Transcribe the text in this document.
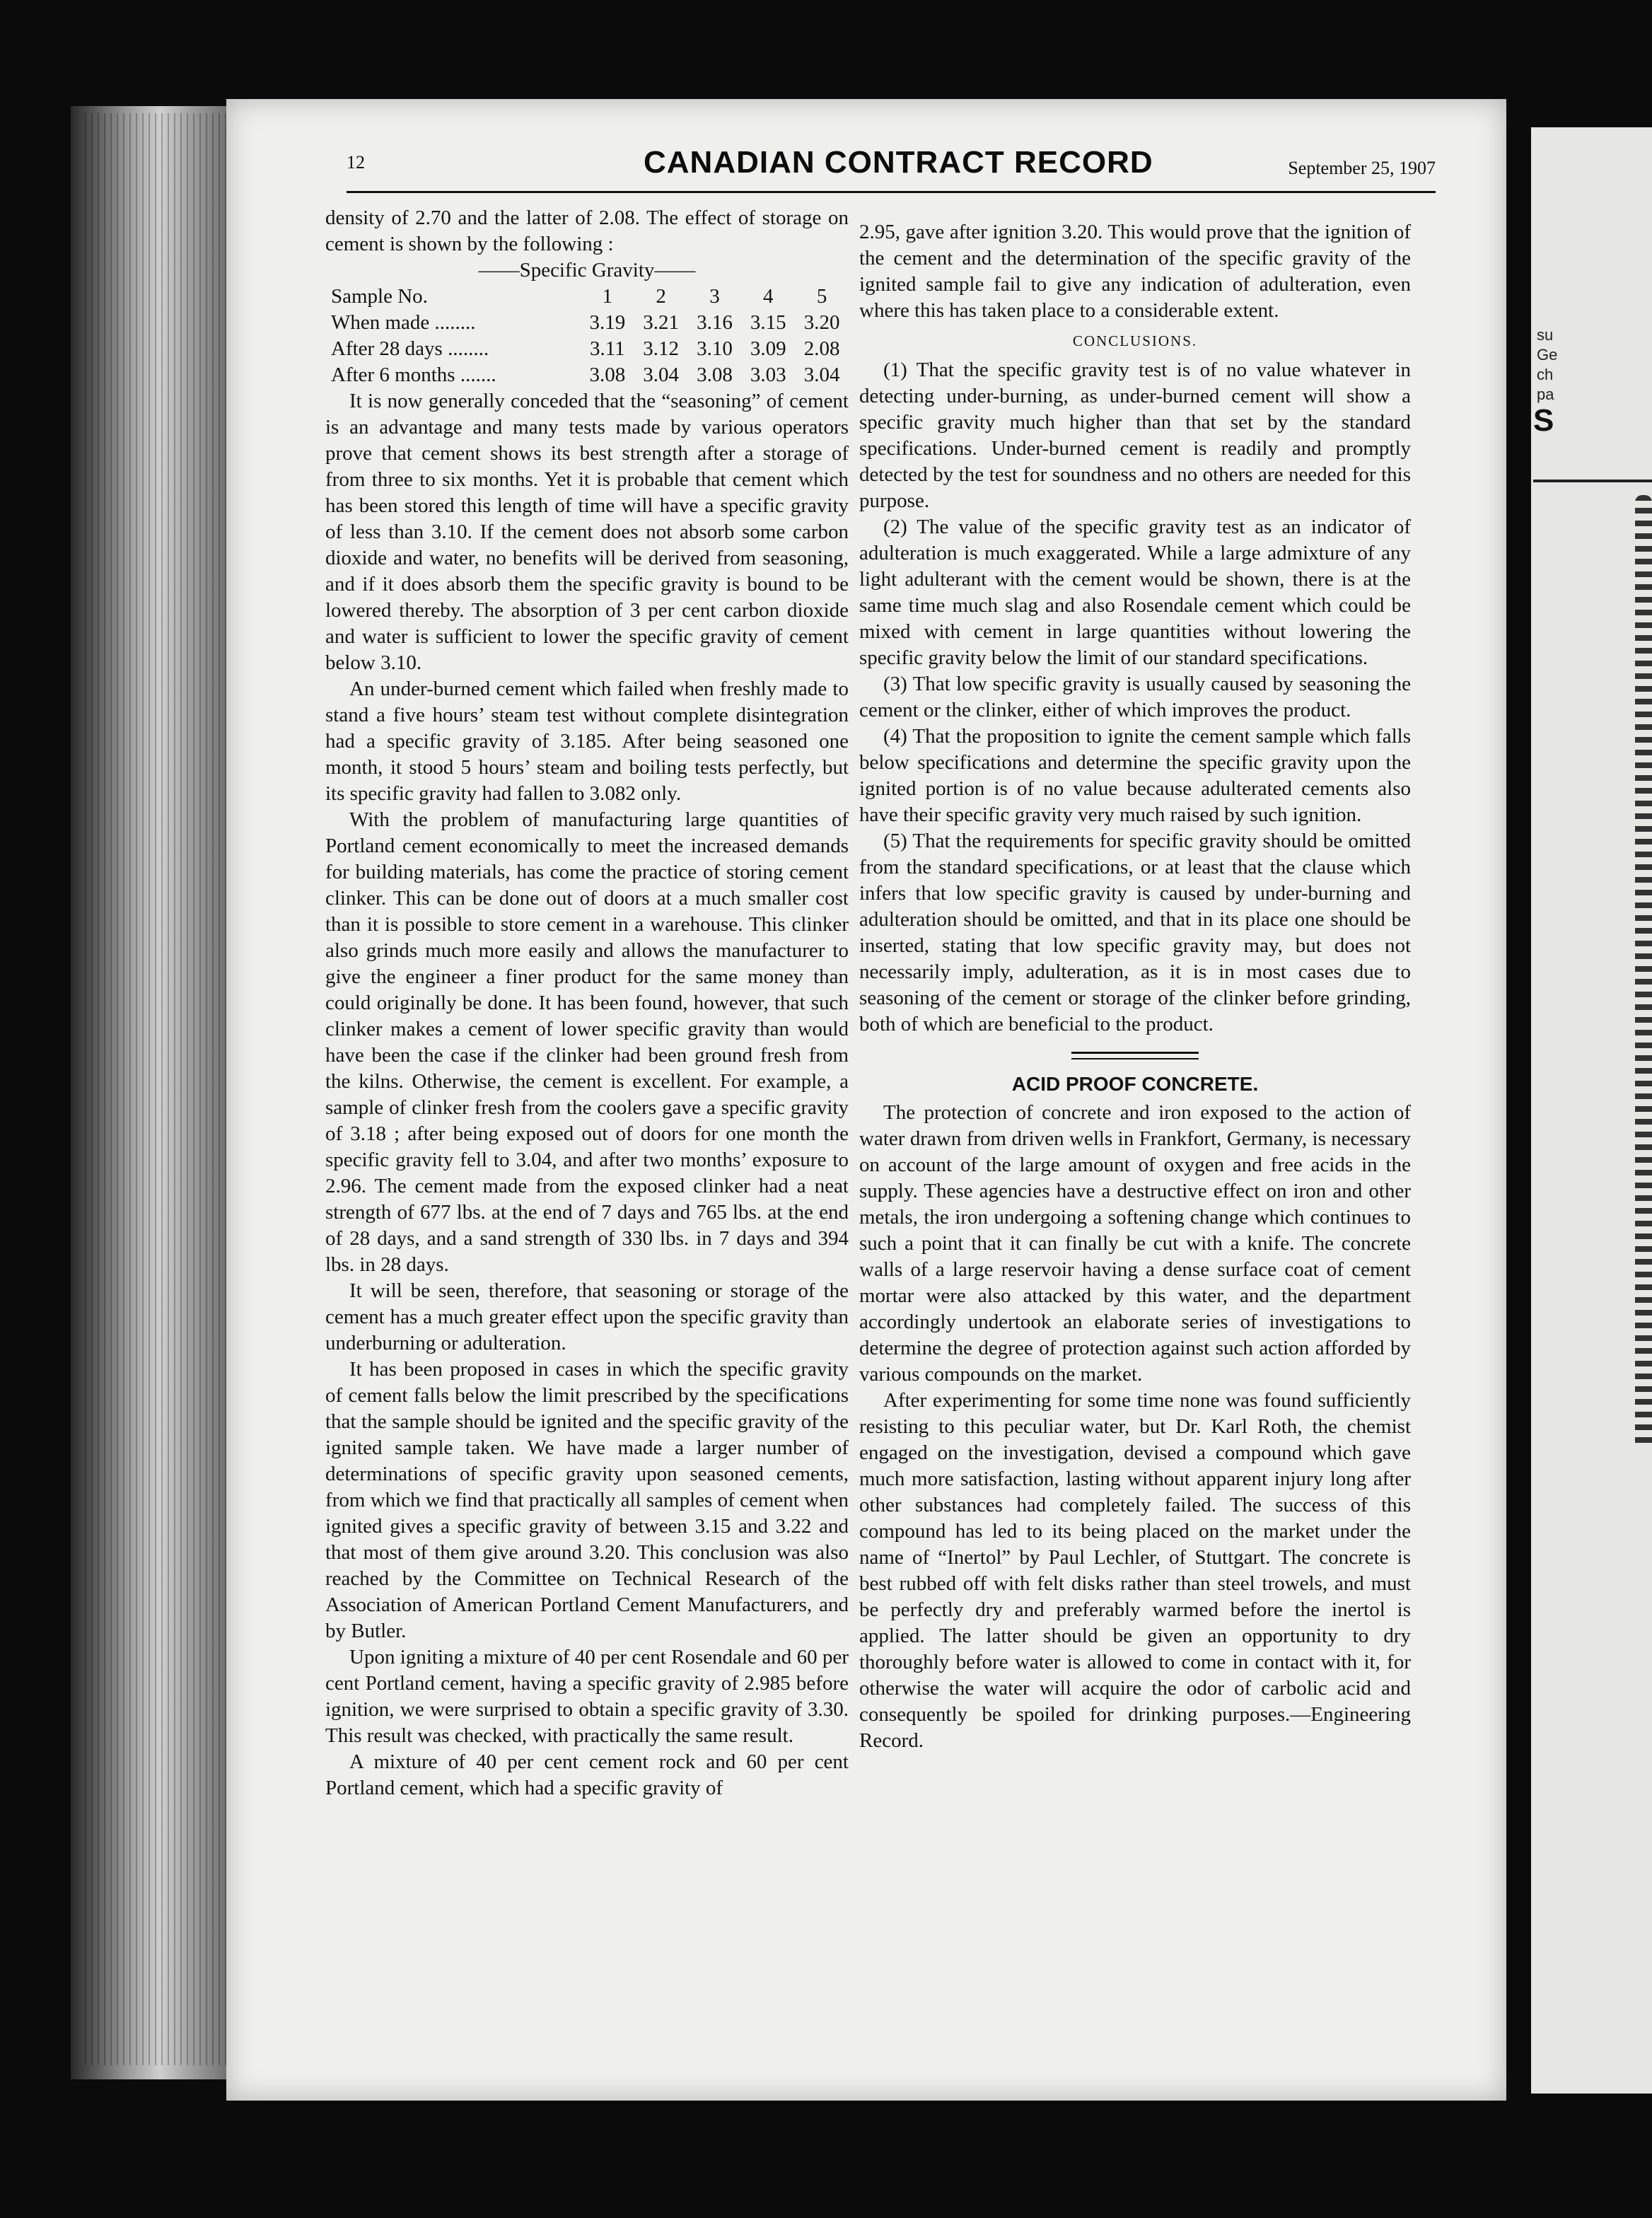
su
Ge
ch
pa
S
12	CANADIAN CONTRACT RECORD	September 25, 1907

density of 2.70 and the latter of 2.08. The effect of storage on cement is shown by the following :

——Specific Gravity——					
Sample No.	1	2	3	4	5
When made ........	3.19	3.21	3.16	3.15	3.20
After 28 days ........	3.11	3.12	3.10	3.09	2.08
After 6 months .......	3.08	3.04	3.08	3.03	3.04

It is now generally conceded that the “seasoning” of cement is an advantage and many tests made by various operators prove that cement shows its best strength after a storage of from three to six months. Yet it is probable that cement which has been stored this length of time will have a specific gravity of less than 3.10. If the cement does not absorb some carbon dioxide and water, no benefits will be derived from seasoning, and if it does absorb them the specific gravity is bound to be lowered thereby. The absorption of 3 per cent carbon dioxide and water is sufficient to lower the specific gravity of cement below 3.10.

An under-burned cement which failed when freshly made to stand a five hours’ steam test without complete disintegration had a specific gravity of 3.185. After being seasoned one month, it stood 5 hours’ steam and boiling tests perfectly, but its specific gravity had fallen to 3.082 only.

With the problem of manufacturing large quantities of Portland cement economically to meet the increased demands for building materials, has come the practice of storing cement clinker. This can be done out of doors at a much smaller cost than it is possible to store cement in a warehouse. This clinker also grinds much more easily and allows the manufacturer to give the engineer a finer product for the same money than could originally be done. It has been found, however, that such clinker makes a cement of lower specific gravity than would have been the case if the clinker had been ground fresh from the kilns. Otherwise, the cement is excellent. For example, a sample of clinker fresh from the coolers gave a specific gravity of 3.18 ; after being exposed out of doors for one month the specific gravity fell to 3.04, and after two months’ exposure to 2.96. The cement made from the exposed clinker had a neat strength of 677 lbs. at the end of 7 days and 765 lbs. at the end of 28 days, and a sand strength of 330 lbs. in 7 days and 394 lbs. in 28 days.

It will be seen, therefore, that seasoning or storage of the cement has a much greater effect upon the specific gravity than underburning or adulteration.

It has been proposed in cases in which the specific gravity of cement falls below the limit prescribed by the specifications that the sample should be ignited and the specific gravity of the ignited sample taken. We have made a larger number of determinations of specific gravity upon seasoned cements, from which we find that practically all samples of cement when ignited gives a specific gravity of between 3.15 and 3.22 and that most of them give around 3.20. This conclusion was also reached by the Committee on Technical Research of the Association of American Portland Cement Manufacturers, and by Butler.

Upon igniting a mixture of 40 per cent Rosendale and 60 per cent Portland cement, having a specific gravity of 2.985 before ignition, we were surprised to obtain a specific gravity of 3.30. This result was checked, with practically the same result.

A mixture of 40 per cent cement rock and 60 per cent Portland cement, which had a specific gravity of

2.95, gave after ignition 3.20. This would prove that the ignition of the cement and the determination of the specific gravity of the ignited sample fail to give any indication of adulteration, even where this has taken place to a considerable extent.

CONCLUSIONS.

(1) That the specific gravity test is of no value whatever in detecting under-burning, as under-burned cement will show a specific gravity much higher than that set by the standard specifications. Under-burned cement is readily and promptly detected by the test for soundness and no others are needed for this purpose.

(2) The value of the specific gravity test as an indicator of adulteration is much exaggerated. While a large admixture of any light adulterant with the cement would be shown, there is at the same time much slag and also Rosendale cement which could be mixed with cement in large quantities without lowering the specific gravity below the limit of our standard specifications.

(3) That low specific gravity is usually caused by seasoning the cement or the clinker, either of which improves the product.

(4) That the proposition to ignite the cement sample which falls below specifications and determine the specific gravity upon the ignited portion is of no value because adulterated cements also have their specific gravity very much raised by such ignition.

(5) That the requirements for specific gravity should be omitted from the standard specifications, or at least that the clause which infers that low specific gravity is caused by under-burning and adulteration should be omitted, and that in its place one should be inserted, stating that low specific gravity may, but does not necessarily imply, adulteration, as it is in most cases due to seasoning of the cement or storage of the clinker before grinding, both of which are beneficial to the product.

ACID PROOF CONCRETE.

The protection of concrete and iron exposed to the action of water drawn from driven wells in Frankfort, Germany, is necessary on account of the large amount of oxygen and free acids in the supply. These agencies have a destructive effect on iron and other metals, the iron undergoing a softening change which continues to such a point that it can finally be cut with a knife. The concrete walls of a large reservoir having a dense surface coat of cement mortar were also attacked by this water, and the department accordingly undertook an elaborate series of investigations to determine the degree of protection against such action afforded by various compounds on the market.

After experimenting for some time none was found sufficiently resisting to this peculiar water, but Dr. Karl Roth, the chemist engaged on the investigation, devised a compound which gave much more satisfaction, lasting without apparent injury long after other substances had completely failed. The success of this compound has led to its being placed on the market under the name of “Inertol” by Paul Lechler, of Stuttgart. The concrete is best rubbed off with felt disks rather than steel trowels, and must be perfectly dry and preferably warmed before the inertol is applied. The latter should be given an opportunity to dry thoroughly before water is allowed to come in contact with it, for otherwise the water will acquire the odor of carbolic acid and consequently be spoiled for drinking purposes.—Engineering Record.
